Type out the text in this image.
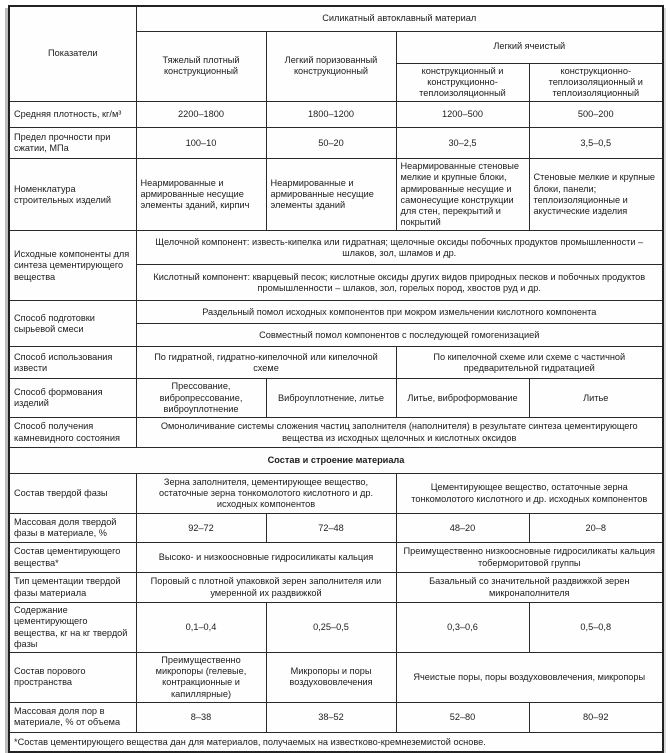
Показатели	Силикатный автоклавный материал			
	Тяжелый плотный конструкционный	Легкий поризованный конструкционный	Легкий ячеистый	
			конструкционный и конструкционно-теплоизоляционный	конструкционно-теплоизоляционный и теплоизоляционный
Средняя плотность, кг/м³	2200–1800	1800–1200	1200–500	500–200
Предел прочности при сжатии, МПа	100–10	50–20	30–2,5	3,5–0,5
Номенклатура строительных изделий	Неармированные и армированные несущие элементы зданий, кирпич	Неармированные и армированные несущие элементы зданий	Неармированные стеновые мелкие и крупные блоки, армированные несущие и самонесущие конструкции для стен, перекрытий и покрытий	Стеновые мелкие и крупные блоки, панели; теплоизоляционные и акустические изделия
Исходные компоненты для синтеза цементирующего вещества	Щелочной компонент: известь-кипелка или гидратная; щелочные оксиды побочных продуктов промышленности – шлаков, зол, шламов и др.			
	Кислотный компонент: кварцевый песок; кислотные оксиды других видов природных песков и побочных продуктов промышленности – шлаков, зол, горелых пород, хвостов руд и др.			
Способ подготовки сырьевой смеси	Раздельный помол исходных компонентов при мокром измельчении кислотного компонента			
	Совместный помол компонентов с последующей гомогенизацией			
Способ использования извести	По гидратной, гидратно-кипелочной или кипелочной схеме		По кипелочной схеме или схеме с частичной предварительной гидратацией	
Способ формования изделий	Прессование, вибропрессование, виброуплотнение	Виброуплотнение, литье	Литье, виброформование	Литье
Способ получения камневидного состояния	Омоноличивание системы сложения частиц заполнителя (наполнителя) в результате синтеза цементирующего вещества из исходных щелочных и кислотных оксидов			
Состав и строение материала				
Состав твердой фазы	Зерна заполнителя, цементирующее вещество, остаточные зерна тонкомолотого кислотного и др. исходных компонентов		Цементирующее вещество, остаточные зерна тонкомолотого кислотного и др. исходных компонентов	
Массовая доля твердой фазы в материале, %	92–72	72–48	48–20	20–8
Состав цементирующего вещества*	Высоко- и низкоосновные гидросиликаты кальция		Преимущественно низкоосновные гидросиликаты кальция тоберморитовой группы	
Тип цементации твердой фазы материала	Поровый с плотной упаковкой зерен заполнителя или умеренной их раздвижкой		Базальный со значительной раздвижкой зерен микронаполнителя	
Содержание цементирующего вещества, кг на кг твердой фазы	0,1–0,4	0,25–0,5	0,3–0,6	0,5–0,8
Состав порового пространства	Преимущественно микропоры (гелевые, контракционные и капиллярные)	Микропоры и поры воздухововлечения	Ячеистые поры, поры воздухововлечения, микропоры	
Массовая доля пор в материале, % от объема	8–38	38–52	52–80	80–92
*Состав цементирующего вещества дан для материалов, получаемых на известково-кремнеземистой основе.				
